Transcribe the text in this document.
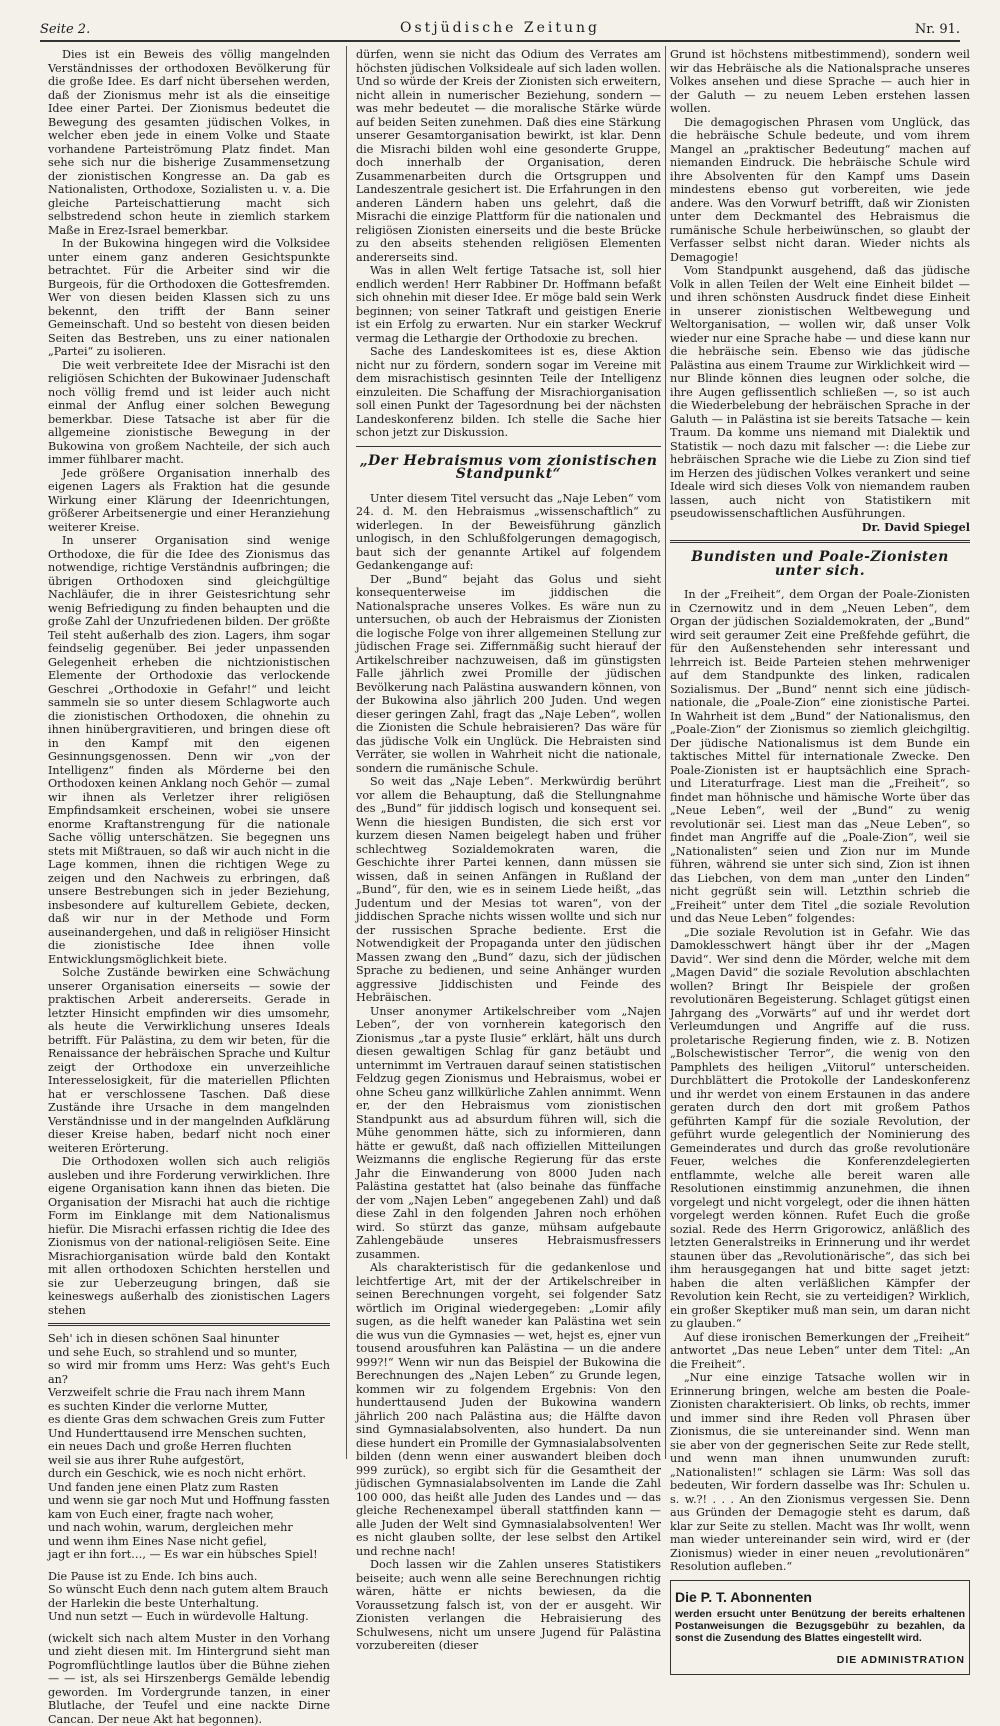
Seite 2.	Ostjüdische Zeitung	Nr. 91.

Dies ist ein Beweis des völlig mangelnden Verständnisses der orthodoxen Bevölkerung für die große Idee. Es darf nicht übersehen werden, daß der Zionismus mehr ist als die einseitige Idee einer Partei. Der Zionismus bedeutet die Bewegung des gesamten jüdischen Volkes, in welcher eben jede in einem Volke und Staate vorhandene Parteiströmung Platz findet. Man sehe sich nur die bisherige Zusammensetzung der zionistischen Kongresse an. Da gab es Nationalisten, Orthodoxe, Sozialisten u. v. a. Die gleiche Parteischattierung macht sich selbstredend schon heute in ziemlich starkem Maße in Erez-Israel bemerkbar.

In der Bukowina hingegen wird die Volksidee unter einem ganz anderen Gesichtspunkte betrachtet. Für die Arbeiter sind wir die Burgeois, für die Orthodoxen die Gottesfremden. Wer von diesen beiden Klassen sich zu uns bekennt, den trifft der Bann seiner Gemeinschaft. Und so besteht von diesen beiden Seiten das Bestreben, uns zu einer nationalen „Partei“ zu isolieren.

Die weit verbreitete Idee der Misrachi ist den religiösen Schichten der Bukowinaer Judenschaft noch völlig fremd und ist leider auch nicht einmal der Anflug einer solchen Bewegung bemerkbar. Diese Tatsache ist aber für die allgemeine zionistische Bewegung in der Bukowina von großem Nachteile, der sich auch immer fühlbarer macht.

Jede größere Organisation innerhalb des eigenen Lagers als Fraktion hat die gesunde Wirkung einer Klärung der Ideenrichtungen, größerer Arbeitsenergie und einer Heranziehung weiterer Kreise.

In unserer Organisation sind wenige Orthodoxe, die für die Idee des Zionismus das notwendige, richtige Verständnis aufbringen; die übrigen Orthodoxen sind gleichgültige Nachläufer, die in ihrer Geistesrichtung sehr wenig Befriedigung zu finden behaupten und die große Zahl der Unzufriedenen bilden. Der größte Teil steht außerhalb des zion. Lagers, ihm sogar feindselig gegenüber. Bei jeder unpassenden Gelegenheit erheben die nichtzionistischen Elemente der Orthodoxie das verlockende Geschrei „Orthodoxie in Gefahr!“ und leicht sammeln sie so unter diesem Schlagworte auch die zionistischen Orthodoxen, die ohnehin zu ihnen hinübergravitieren, und bringen diese oft in den Kampf mit den eigenen Gesinnungsgenossen. Denn wir „von der Intelligenz“ finden als Mörderne bei den Orthodoxen keinen Anklang noch Gehör — zumal wir ihnen als Verletzer ihrer religiösen Empfindsamkeit erscheinen, wobei sie unsere enorme Kraftanstrengung für die nationale Sache völlig unterschätzen. Sie begegnen uns stets mit Mißtrauen, so daß wir auch nicht in die Lage kommen, ihnen die richtigen Wege zu zeigen und den Nachweis zu erbringen, daß unsere Bestrebungen sich in jeder Beziehung, insbesondere auf kulturellem Gebiete, decken, daß wir nur in der Methode und Form auseinandergehen, und daß in religiöser Hinsicht die zionistische Idee ihnen volle Entwicklungsmöglichkeit biete.

Solche Zustände bewirken eine Schwächung unserer Organisation einerseits — sowie der praktischen Arbeit andererseits. Gerade in letzter Hinsicht empfinden wir dies umsomehr, als heute die Verwirklichung unseres Ideals betrifft. Für Palästina, zu dem wir beten, für die Renaissance der hebräischen Sprache und Kultur zeigt der Orthodoxe ein unverzeihliche Interesselosigkeit, für die materiellen Pflichten hat er verschlossene Taschen. Daß diese Zustände ihre Ursache in dem mangelnden Verständnisse und in der mangelnden Aufklärung dieser Kreise haben, bedarf nicht noch einer weiteren Erörterung.

Die Orthodoxen wollen sich auch religiös ausleben und ihre Forderung verwirklichen. Ihre eigene Organisation kann ihnen das bieten. Die Organisation der Misrachi hat auch die richtige Form im Einklange mit dem Nationalismus hiefür. Die Misrachi erfassen richtig die Idee des Zionismus von der national-religiösen Seite. Eine Misrachiorganisation würde bald den Kontakt mit allen orthodoxen Schichten herstellen und sie zur Ueberzeugung bringen, daß sie keineswegs außerhalb des zionistischen Lagers stehen

Seh' ich in diesen schönen Saal hinunter

und sehe Euch, so strahlend und so munter,

so wird mir fromm ums Herz: Was geht's Euch an?

Verzweifelt schrie die Frau nach ihrem Mann

es suchten Kinder die verlorne Mutter,

es diente Gras dem schwachen Greis zum Futter

Und Hunderttausend irre Menschen suchten,

ein neues Dach und große Herren fluchten

weil sie aus ihrer Ruhe aufgestört,

durch ein Geschick, wie es noch nicht erhört.

Und fanden jene einen Platz zum Rasten

und wenn sie gar noch Mut und Hoffnung fassten

kam von Euch einer, fragte nach woher,

und nach wohin, warum, dergleichen mehr

und wenn ihm Eines Nase nicht gefiel,

jagt er ihn fort…, — Es war ein hübsches Spiel!

Die Pause ist zu Ende. Ich bins auch.

So wünscht Euch denn nach gutem altem Brauch

der Harlekin die beste Unterhaltung.

Und nun setzt — Euch in würdevolle Haltung.

(wickelt sich nach altem Muster in den Vorhang und zieht diesen mit. Im Hintergrund sieht man Pogromflüchtlinge lautlos über die Bühne ziehen — — ist, als sei Hirszenbergs Gemälde lebendig geworden. Im Vordergrunde tanzen, in einer Blutlache, der Teufel und eine nackte Dirne Cancan. Der neue Akt hat begonnen).

dürfen, wenn sie nicht das Odium des Verrates am höchsten jüdischen Volksideale auf sich laden wollen. Und so würde der Kreis der Zionisten sich erweitern, nicht allein in numerischer Beziehung, sondern — was mehr bedeutet — die moralische Stärke würde auf beiden Seiten zunehmen. Daß dies eine Stärkung unserer Gesamtorganisation bewirkt, ist klar. Denn die Misrachi bilden wohl eine gesonderte Gruppe, doch innerhalb der Organisation, deren Zusammenarbeiten durch die Ortsgruppen und Landeszentrale gesichert ist. Die Erfahrungen in den anderen Ländern haben uns gelehrt, daß die Misrachi die einzige Plattform für die nationalen und religiösen Zionisten einerseits und die beste Brücke zu den abseits stehenden religiösen Elementen andererseits sind.

Was in allen Welt fertige Tatsache ist, soll hier endlich werden! Herr Rabbiner Dr. Hoffmann befaßt sich ohnehin mit dieser Idee. Er möge bald sein Werk beginnen; von seiner Tatkraft und geistigen Enerie ist ein Erfolg zu erwarten. Nur ein starker Weckruf vermag die Lethargie der Orthodoxie zu brechen.

Sache des Landeskomitees ist es, diese Aktion nicht nur zu fördern, sondern sogar im Vereine mit dem misrachistisch gesinnten Teile der Intelligenz einzuleiten. Die Schaffung der Misrachiorganisation soll einen Punkt der Tagesordnung bei der nächsten Landeskonferenz bilden. Ich stelle die Sache hier schon jetzt zur Diskussion.

„Der Hebraismus vom zionistischen Standpunkt“

Unter diesem Titel versucht das „Naje Leben“ vom 24. d. M. den Hebraismus „wissenschaftlich“ zu widerlegen. In der Beweisführung gänzlich unlogisch, in den Schlußfolgerungen demagogisch, baut sich der genannte Artikel auf folgendem Gedankengange auf:

Der „Bund“ bejaht das Golus und sieht konsequenterweise im jiddischen die Nationalsprache unseres Volkes. Es wäre nun zu untersuchen, ob auch der Hebraismus der Zionisten die logische Folge von ihrer allgemeinen Stellung zur jüdischen Frage sei. Ziffernmäßig sucht hierauf der Artikelschreiber nachzuweisen, daß im günstigsten Falle jährlich zwei Promille der jüdischen Bevölkerung nach Palästina auswandern können, von der Bukowina also jährlich 200 Juden. Und wegen dieser geringen Zahl, fragt das „Naje Leben“, wollen die Zionisten die Schule hebraisieren? Das wäre für das jüdische Volk ein Unglück. Die Hebraisten sind Verräter, sie wollen in Wahrheit nicht die nationale, sondern die rumänische Schule.

So weit das „Naje Leben“. Merkwürdig berührt vor allem die Behauptung, daß die Stellungnahme des „Bund“ für jiddisch logisch und konsequent sei. Wenn die hiesigen Bundisten, die sich erst vor kurzem diesen Namen beigelegt haben und früher schlechtweg Sozialdemokraten waren, die Geschichte ihrer Partei kennen, dann müssen sie wissen, daß in seinen Anfängen in Rußland der „Bund“, für den, wie es in seinem Liede heißt, „das Judentum und der Mesias tot waren“, von der jiddischen Sprache nichts wissen wollte und sich nur der russischen Sprache bediente. Erst die Notwendigkeit der Propaganda unter den jüdischen Massen zwang den „Bund“ dazu, sich der jüdischen Sprache zu bedienen, und seine Anhänger wurden aggressive Jiddischisten und Feinde des Hebräischen.

Unser anonymer Artikelschreiber vom „Najen Leben“, der von vornherein kategorisch den Zionismus „tar a pyste Ilusie“ erklärt, hält uns durch diesen gewaltigen Schlag für ganz betäubt und unternimmt im Vertrauen darauf seinen statistischen Feldzug gegen Zionismus und Hebraismus, wobei er ohne Scheu ganz willkürliche Zahlen annimmt. Wenn er, der den Hebraismus vom zionistischen Standpunkt aus ad absurdum führen will, sich die Mühe genommen hätte, sich zu informieren, dann hätte er gewußt, daß nach offiziellen Mitteilungen Weizmanns die englische Regierung für das erste Jahr die Einwanderung von 8000 Juden nach Palästina gestattet hat (also beinahe das fünffache der vom „Najen Leben“ angegebenen Zahl) und daß diese Zahl in den folgenden Jahren noch erhöhen wird. So stürzt das ganze, mühsam aufgebaute Zahlengebäude unseres Hebraismusfressers zusammen.

Als charakteristisch für die gedankenlose und leichtfertige Art, mit der der Artikelschreiber in seinen Berechnungen vorgeht, sei folgender Satz wörtlich im Original wiedergegeben: „Lomir afily sugen, as die helft waneder kan Palästina wet sein die wus vun die Gymnasies — wet, hejst es, ejner vun tousend arousfuhren kan Palästina — un die andere 999?!“ Wenn wir nun das Beispiel der Bukowina die Berechnungen des „Najen Leben“ zu Grunde legen, kommen wir zu folgendem Ergebnis: Von den hunderttausend Juden der Bukowina wandern jährlich 200 nach Palästina aus; die Hälfte davon sind Gymnasialabsolventen, also hundert. Da nun diese hundert ein Promille der Gymnasialabsolventen bilden (denn wenn einer auswandert bleiben doch 999 zurück), so ergibt sich für die Gesamtheit der jüdischen Gymnasialabsolventen im Lande die Zahl 100 000, das heißt alle Juden des Landes und — das gleiche Rechenexampel überall stattfinden kann — alle Juden der Welt sind Gymnasialabsolventen! Wer es nicht glauben sollte, der lese selbst den Artikel und rechne nach!

Doch lassen wir die Zahlen unseres Statistikers beiseite; auch wenn alle seine Berechnungen richtig wären, hätte er nichts bewiesen, da die Voraussetzung falsch ist, von der er ausgeht. Wir Zionisten verlangen die Hebraisierung des Schulwesens, nicht um unsere Jugend für Palästina vorzubereiten (dieser

Grund ist höchstens mitbestimmend), sondern weil wir das Hebräische als die Nationalsprache unseres Volkes ansehen und diese Sprache — auch hier in der Galuth — zu neuem Leben erstehen lassen wollen.

Die demagogischen Phrasen vom Unglück, das die hebräische Schule bedeute, und vom ihrem Mangel an „praktischer Bedeutung“ machen auf niemanden Eindruck. Die hebräische Schule wird ihre Absolventen für den Kampf ums Dasein mindestens ebenso gut vorbereiten, wie jede andere. Was den Vorwurf betrifft, daß wir Zionisten unter dem Deckmantel des Hebraismus die rumänische Schule herbeiwünschen, so glaubt der Verfasser selbst nicht daran. Wieder nichts als Demagogie!

Vom Standpunkt ausgehend, daß das jüdische Volk in allen Teilen der Welt eine Einheit bildet — und ihren schönsten Ausdruck findet diese Einheit in unserer zionistischen Weltbewegung und Weltorganisation, — wollen wir, daß unser Volk wieder nur eine Sprache habe — und diese kann nur die hebräische sein. Ebenso wie das jüdische Palästina aus einem Traume zur Wirklichkeit wird — nur Blinde können dies leugnen oder solche, die ihre Augen geflissentlich schließen —, so ist auch die Wiederbelebung der hebräischen Sprache in der Galuth — in Palästina ist sie bereits Tatsache — kein Traum. Da komme uns niemand mit Dialektik und Statistik — noch dazu mit falscher —: die Liebe zur hebräischen Sprache wie die Liebe zu Zion sind tief im Herzen des jüdischen Volkes verankert und seine Ideale wird sich dieses Volk von niemandem rauben lassen, auch nicht von Statistikern mit pseudowissenschaftlichen Ausführungen.

Dr. David Spiegel

Bundisten und Poale-Zionisten unter sich.

In der „Freiheit“, dem Organ der Poale-Zionisten in Czernowitz und in dem „Neuen Leben“, dem Organ der jüdischen Sozialdemokraten, der „Bund“ wird seit geraumer Zeit eine Preßfehde geführt, die für den Außenstehenden sehr interessant und lehrreich ist. Beide Parteien stehen mehrweniger auf dem Standpunkte des linken, radicalen Sozialismus. Der „Bund“ nennt sich eine jüdisch-nationale, die „Poale-Zion“ eine zionistische Partei. In Wahrheit ist dem „Bund“ der Nationalismus, den „Poale-Zion“ der Zionismus so ziemlich gleichgiltig. Der jüdische Nationalismus ist dem Bunde ein taktisches Mittel für internationale Zwecke. Den Poale-Zionisten ist er hauptsächlich eine Sprach- und Literaturfrage. Liest man die „Freiheit“, so findet man höhnische und hämische Worte über das „Neue Leben“, weil der „Bund“ zu wenig revolutionär sei. Liest man das „Neue Leben“, so findet man Angriffe auf die „Poale-Zion“, weil sie „Nationalisten“ seien und Zion nur im Munde führen, während sie unter sich sind, Zion ist ihnen das Liebchen, von dem man „unter den Linden“ nicht gegrüßt sein will. Letzthin schrieb die „Freiheit“ unter dem Titel „die soziale Revolution und das Neue Leben“ folgendes:

„Die soziale Revolution ist in Gefahr. Wie das Damoklesschwert hängt über ihr der „Magen David“. Wer sind denn die Mörder, welche mit dem „Magen David“ die soziale Revolution abschlachten wollen? Bringt Ihr Beispiele der großen revolutionären Begeisterung. Schlaget gütigst einen Jahrgang des „Vorwärts“ auf und ihr werdet dort Verleumdungen und Angriffe auf die russ. proletarische Regierung finden, wie z. B. Notizen „Bolschewistischer Terror“, die wenig von den Pamphlets des heiligen „Viitorul“ unterscheiden. Durchblättert die Protokolle der Landeskonferenz und ihr werdet von einem Erstaunen in das andere geraten durch den dort mit großem Pathos geführten Kampf für die soziale Revolution, der geführt wurde gelegentlich der Nominierung des Gemeinderates und durch das große revolutionäre Feuer, welches die Konferenzdelegierten entflammte, welche alle bereit waren alle Resolutionen einstimmig anzunehmen, die ihnen vorgelegt und nicht vorgelegt, oder die ihnen hätten vorgelegt werden können. Rufet Euch die große sozial. Rede des Herrn Grigorowicz, anläßlich des letzten Generalstreiks in Erinnerung und ihr werdet staunen über das „Revolutionärische“, das sich bei ihm herausgegangen hat und bitte saget jetzt: haben die alten verläßlichen Kämpfer der Revolution kein Recht, sie zu verteidigen? Wirklich, ein großer Skeptiker muß man sein, um daran nicht zu glauben.“

Auf diese ironischen Bemerkungen der „Freiheit“ antwortet „Das neue Leben“ unter dem Titel: „An die Freiheit“.

„Nur eine einzige Tatsache wollen wir in Erinnerung bringen, welche am besten die Poale-Zionisten charakterisiert. Ob links, ob rechts, immer und immer sind ihre Reden voll Phrasen über Zionismus, die sie untereinander sind. Wenn man sie aber von der gegnerischen Seite zur Rede stellt, und wenn man ihnen unumwunden zuruft: „Nationalisten!“ schlagen sie Lärm: Was soll das bedeuten, Wir fordern dasselbe was Ihr: Schulen u. s. w.?! . . . An den Zionismus vergessen Sie. Denn aus Gründen der Demagogie steht es darum, daß klar zur Seite zu stellen. Macht was Ihr wollt, wenn man wieder untereinander sein wird, wird er (der Zionismus) wieder in einer neuen „revolutionären“ Resolution aufleben.“

Die P. T. Abonnenten

werden ersucht unter Benützung der bereits erhaltenen Postanweisungen die Bezugsgebühr zu bezahlen, da sonst die Zusendung des Blattes eingestellt wird.

DIE ADMINISTRATION
